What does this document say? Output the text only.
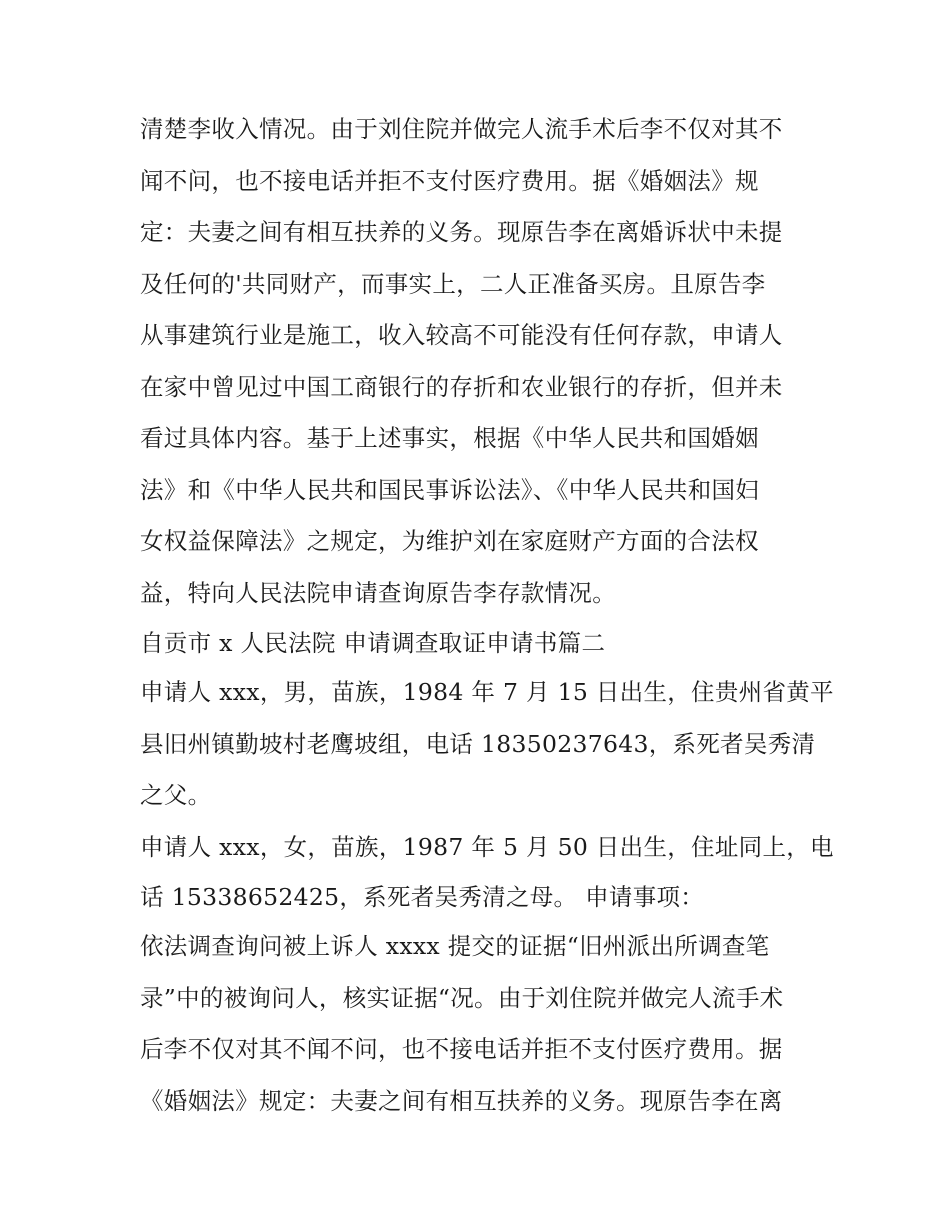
清楚李收入情况。由于刘住院并做完人流手术后李不仅对其不
闻不问，也不接电话并拒不支付医疗费用。据《婚姻法》规
定：夫妻之间有相互扶养的义务。现原告李在离婚诉状中未提
及任何的'共同财产，而事实上，二人正准备买房。且原告李
从事建筑行业是施工，收入较高不可能没有任何存款，申请人
在家中曾见过中国工商银行的存折和农业银行的存折，但并未
看过具体内容。基于上述事实，根据《中华人民共和国婚姻
法》和《中华人民共和国民事诉讼法》、《中华人民共和国妇
女权益保障法》之规定，为维护刘在家庭财产方面的合法权
益，特向人民法院申请查询原告李存款情况。
自贡市 x 人民法院 申请调查取证申请书篇二
申请人 xxx，男，苗族，1984 年 7 月 15 日出生，住贵州省黄平
县旧州镇勤坡村老鹰坡组，电话 18350237643，系死者吴秀清
之父。
申请人 xxx，女，苗族，1987 年 5 月 50 日出生，住址同上，电
话 15338652425，系死者吴秀清之母。 申请事项：
依法调查询问被上诉人 xxxx 提交的证据“旧州派出所调查笔
录”中的被询问人，核实证据“况。由于刘住院并做完人流手术
后李不仅对其不闻不问，也不接电话并拒不支付医疗费用。据
《婚姻法》规定：夫妻之间有相互扶养的义务。现原告李在离
